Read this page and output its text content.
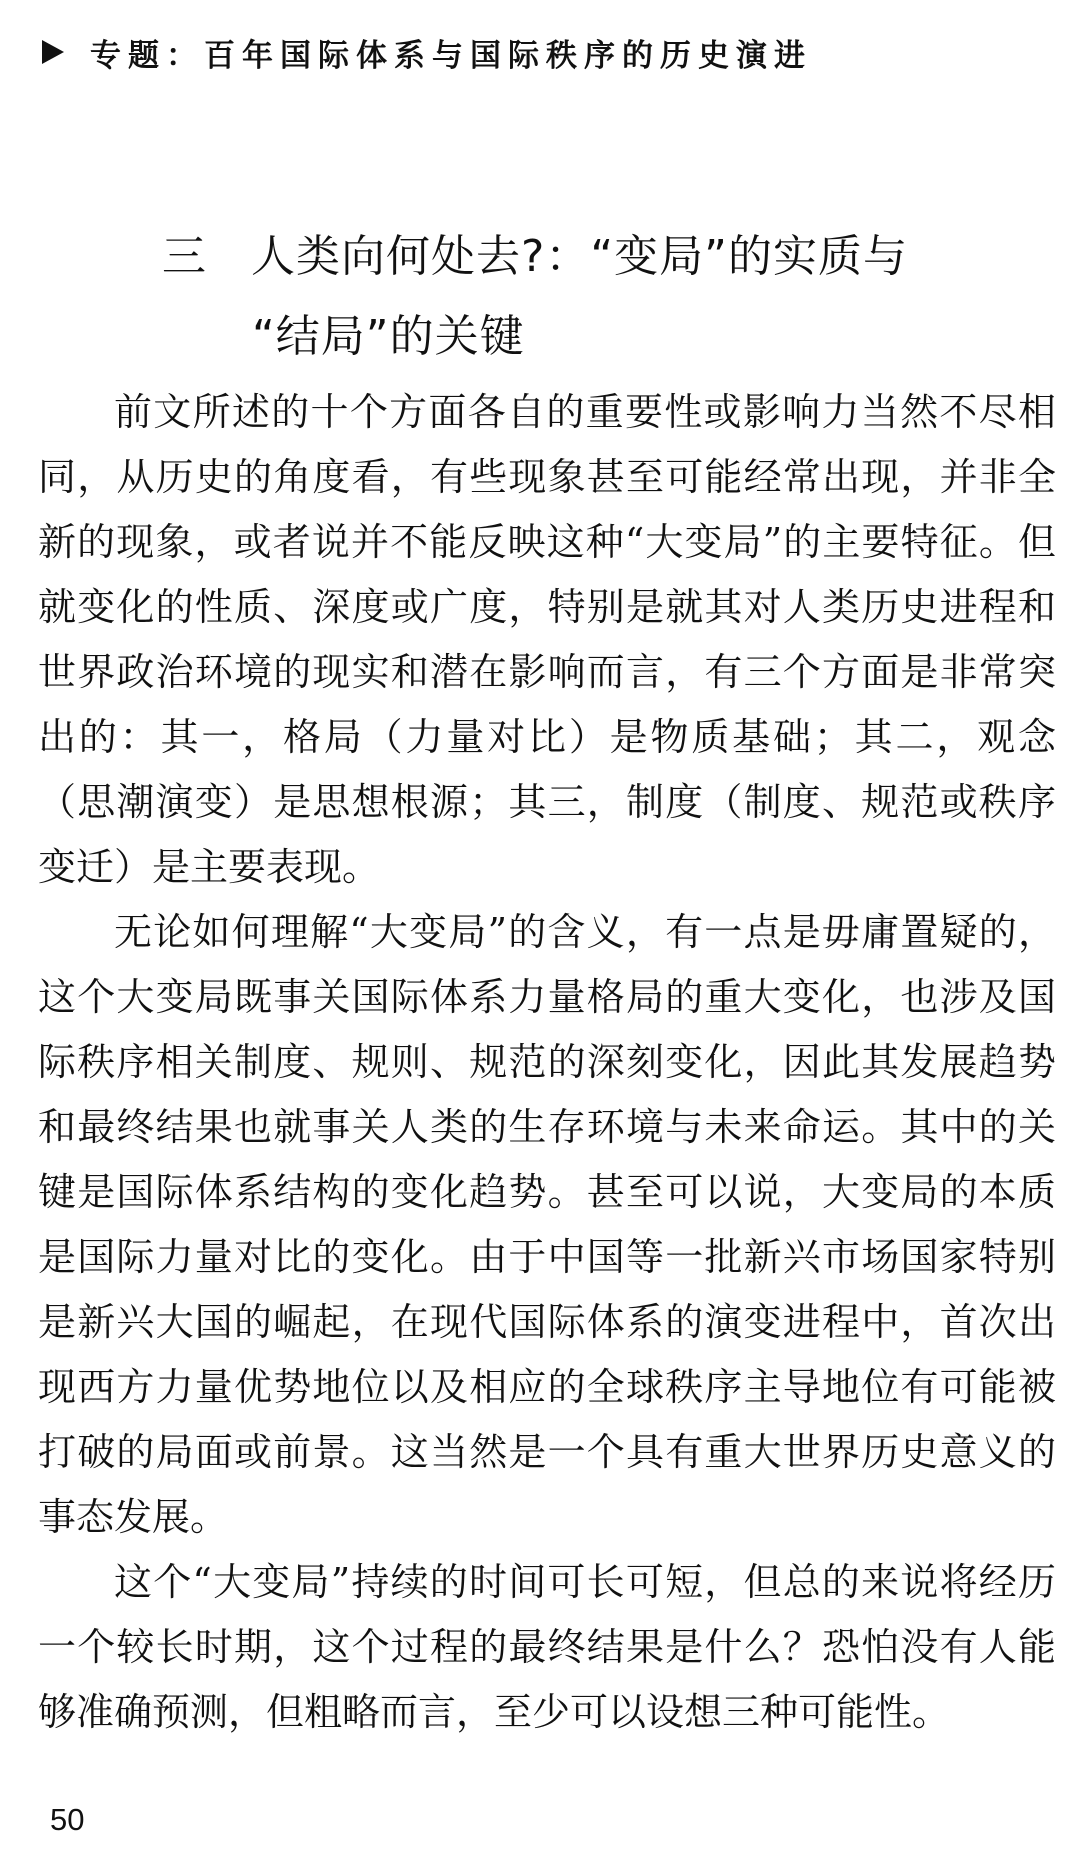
专题：百年国际体系与国际秩序的历史演进
三 人类向何处去?：“变局”的实质与
“结局”的关键

前文所述的十个方面各自的重要性或影响力当然不尽相同，从历史的角度看，有些现象甚至可能经常出现，并非全新的现象，或者说并不能反映这种“大变局”的主要特征。但就变化的性质、深度或广度，特别是就其对人类历史进程和世界政治环境的现实和潜在影响而言，有三个方面是非常突出的：其一，格局（力量对比）是物质基础；其二，观念（思潮演变）是思想根源；其三，制度（制度、规范或秩序变迁）是主要表现。

无论如何理解“大变局”的含义，有一点是毋庸置疑的，这个大变局既事关国际体系力量格局的重大变化，也涉及国际秩序相关制度、规则、规范的深刻变化，因此其发展趋势和最终结果也就事关人类的生存环境与未来命运。其中的关键是国际体系结构的变化趋势。甚至可以说，大变局的本质是国际力量对比的变化。由于中国等一批新兴市场国家特别是新兴大国的崛起，在现代国际体系的演变进程中，首次出现西方力量优势地位以及相应的全球秩序主导地位有可能被打破的局面或前景。这当然是一个具有重大世界历史意义的事态发展。

这个“大变局”持续的时间可长可短，但总的来说将经历一个较长时期，这个过程的最终结果是什么？恐怕没有人能够准确预测，但粗略而言，至少可以设想三种可能性。

50
